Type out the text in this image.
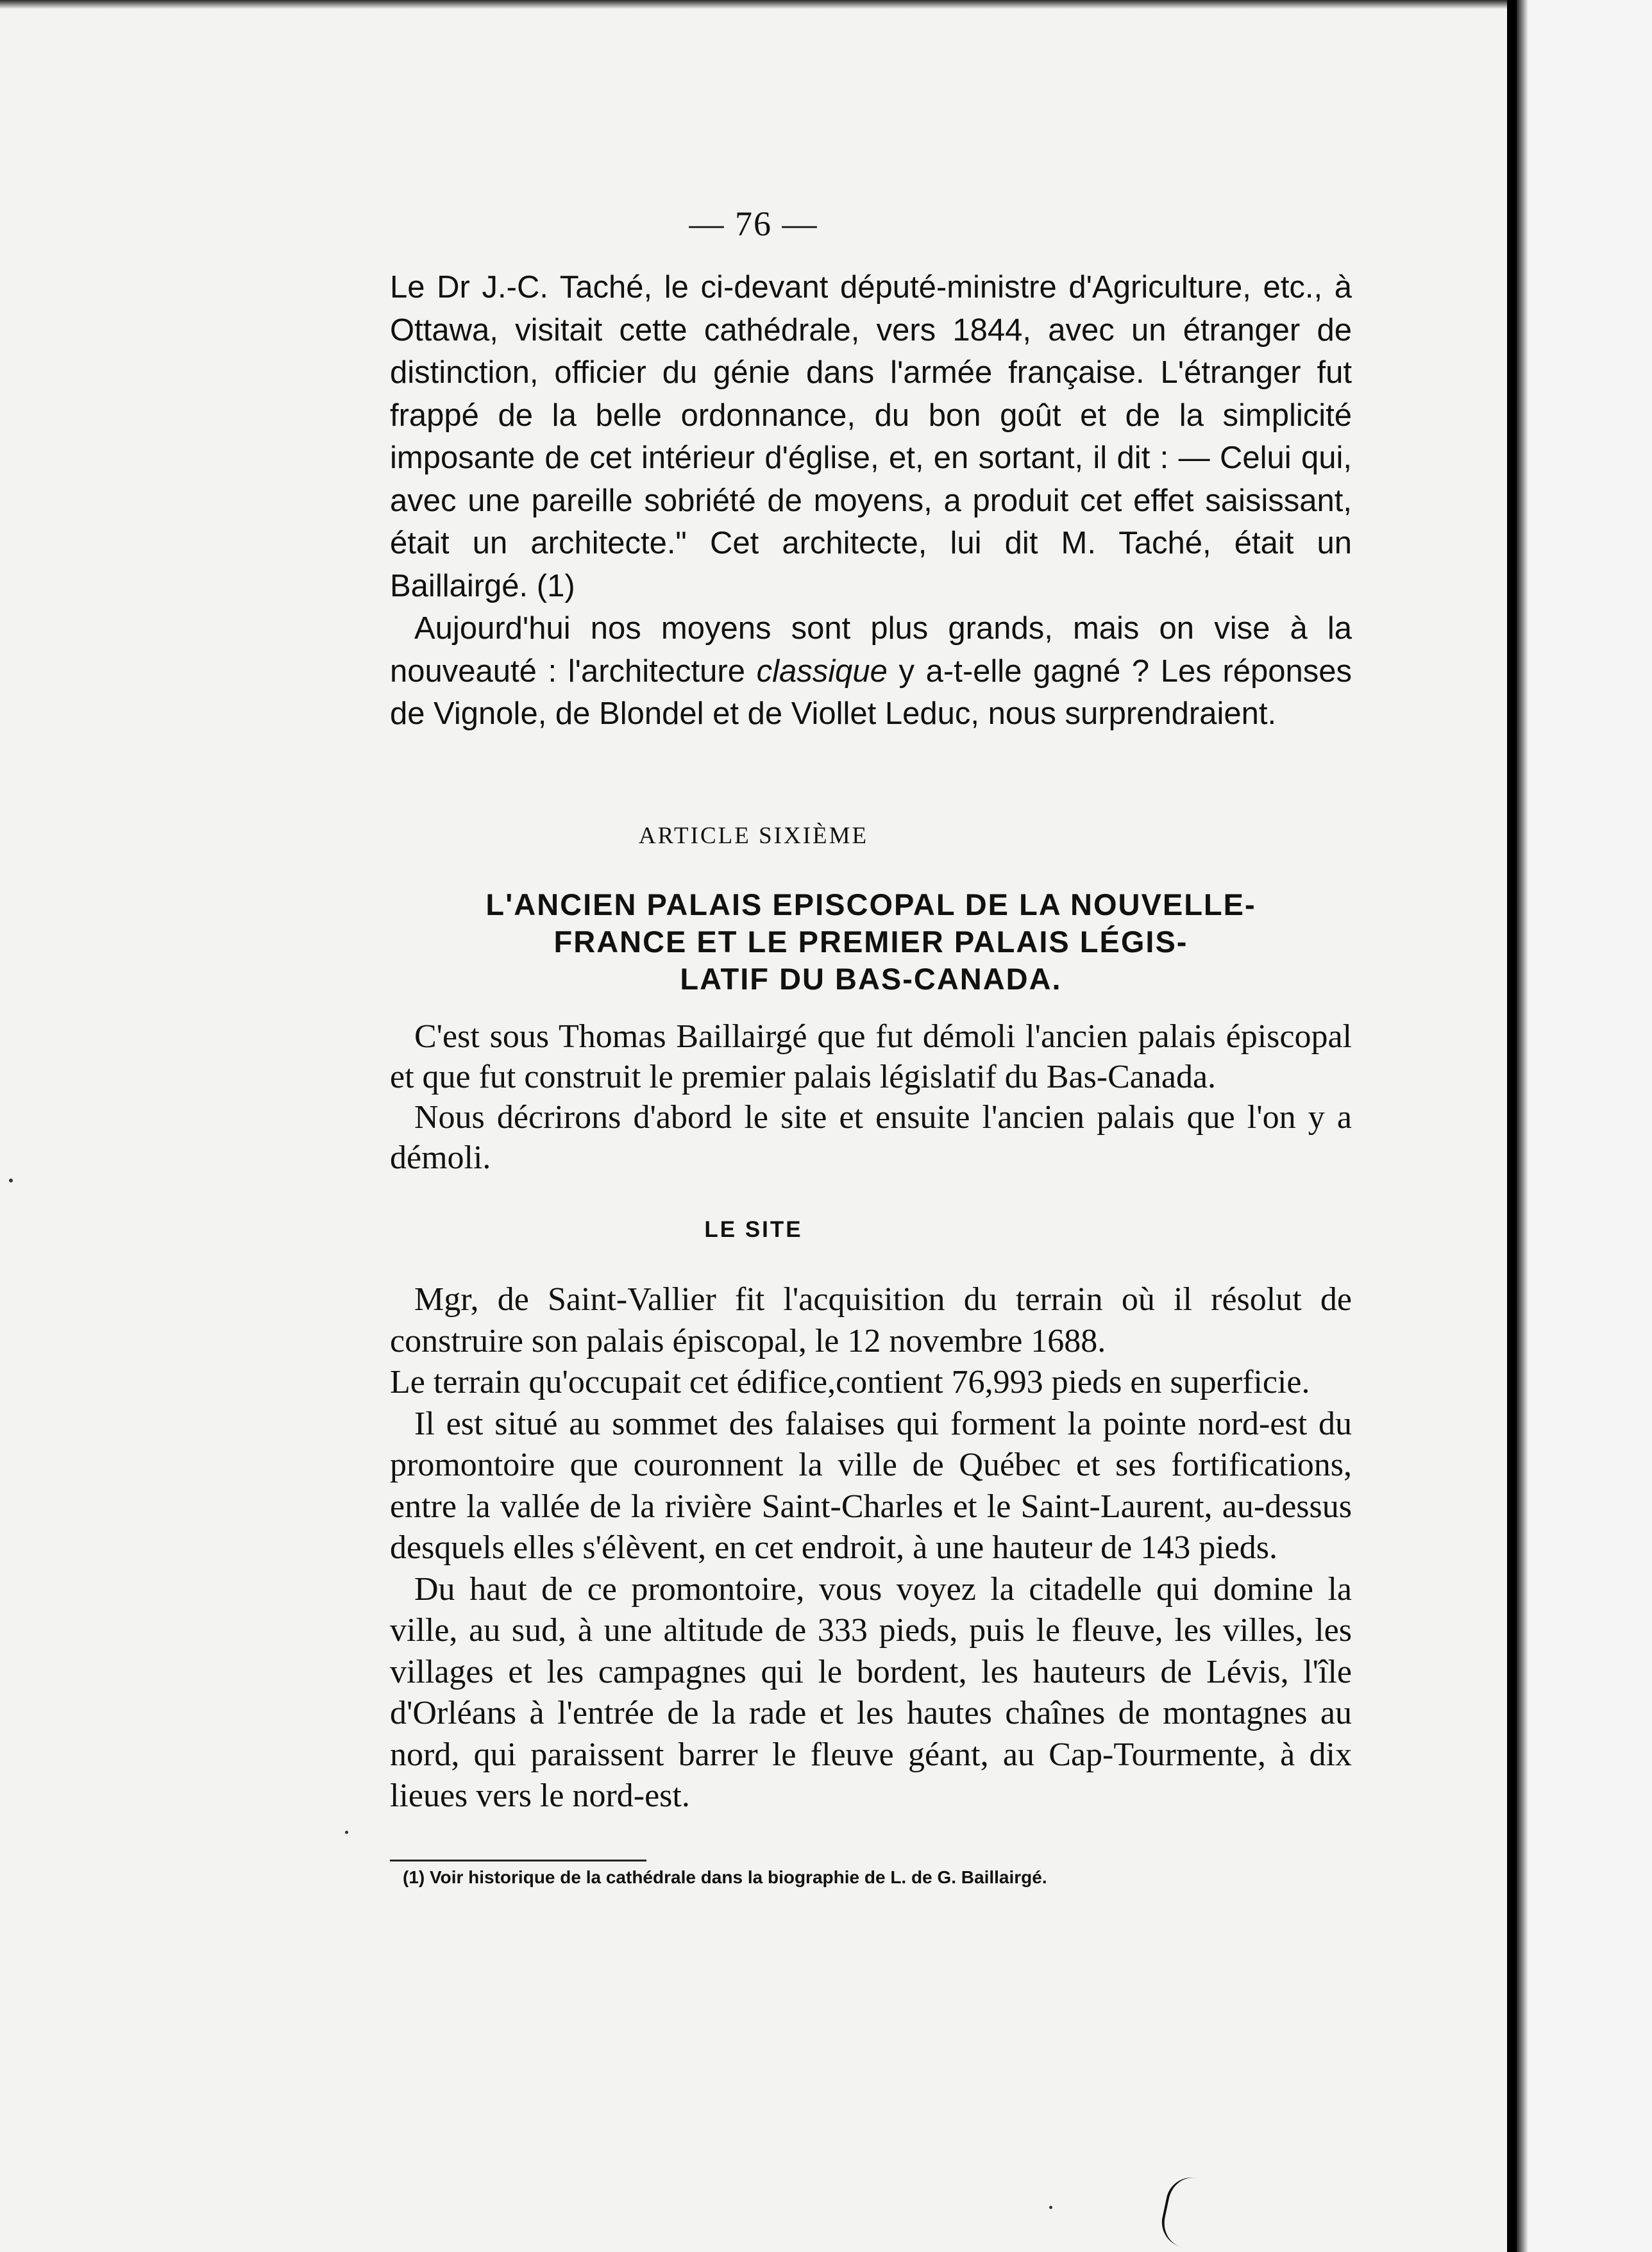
— 76 —

Le Dr J.-C. Taché, le ci-devant député-ministre d'Agriculture, etc., à Ottawa, visitait cette cathédrale, vers 1844, avec un étranger de distinction, officier du génie dans l'armée française. L'étranger fut frappé de la belle ordonnance, du bon goût et de la simplicité imposante de cet intérieur d'église, et, en sortant, il dit : — Celui qui, avec une pareille sobriété de moyens, a produit cet effet saisissant, était un architecte." Cet architecte, lui dit M. Taché, était un Baillairgé. (1)

Aujourd'hui nos moyens sont plus grands, mais on vise à la nouveauté : l'architecture classique y a-t-elle gagné ? Les réponses de Vignole, de Blondel et de Viollet Leduc, nous surprendraient.

ARTICLE SIXIÈME
L'ANCIEN PALAIS EPISCOPAL DE LA NOUVELLE-
FRANCE ET LE PREMIER PALAIS LÉGIS-
LATIF DU BAS-CANADA.

C'est sous Thomas Baillairgé que fut démoli l'ancien palais épiscopal et que fut construit le premier palais législatif du Bas-Canada.

Nous décrirons d'abord le site et ensuite l'ancien palais que l'on y a démoli.

LE SITE

Mgr, de Saint-Vallier fit l'acquisition du terrain où il résolut de construire son palais épiscopal, le 12 novembre 1688.

Le terrain qu'occupait cet édifice,contient 76,993 pieds en superficie.

Il est situé au sommet des falaises qui forment la pointe nord-est du promontoire que couronnent la ville de Québec et ses fortifications, entre la vallée de la rivière Saint-Charles et le Saint-Laurent, au-dessus desquels elles s'élèvent, en cet endroit, à une hauteur de 143 pieds.

Du haut de ce promontoire, vous voyez la citadelle qui domine la ville, au sud, à une altitude de 333 pieds, puis le fleuve, les villes, les villages et les campagnes qui le bordent, les hauteurs de Lévis, l'île d'Orléans à l'entrée de la rade et les hautes chaînes de montagnes au nord, qui paraissent barrer le fleuve géant, au Cap-Tourmente, à dix lieues vers le nord-est.

(1) Voir historique de la cathédrale dans la biographie de L. de G. Baillairgé.
